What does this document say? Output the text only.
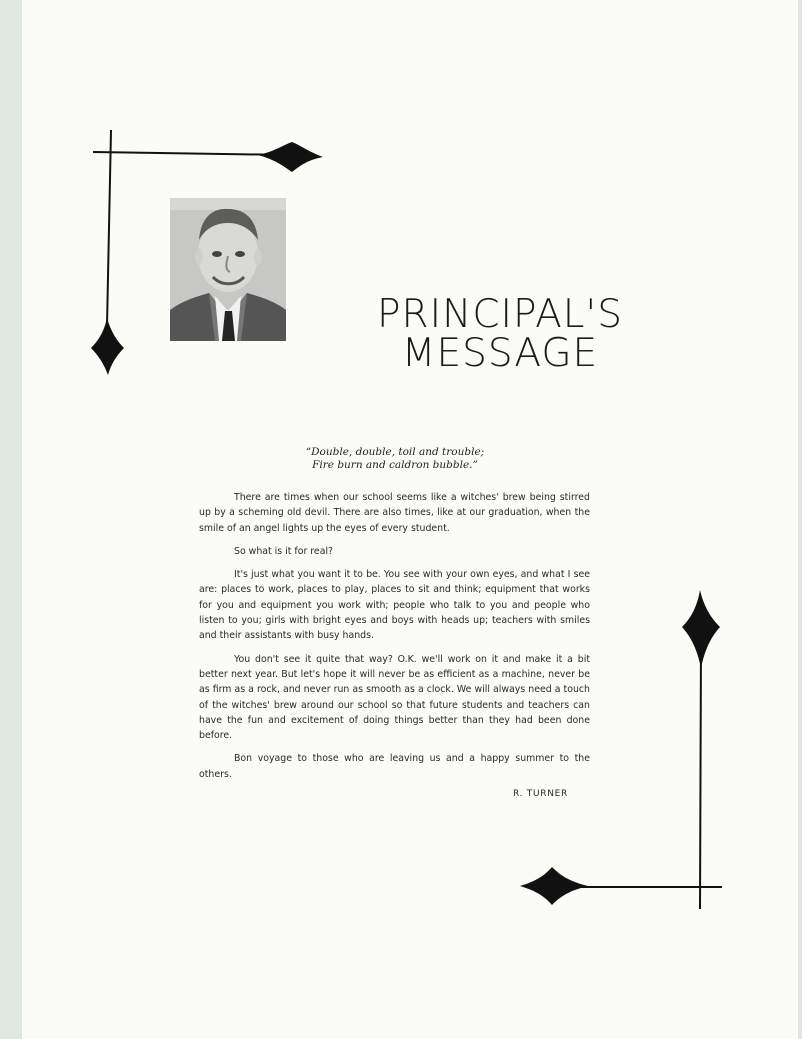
PRINCIPAL'S
MESSAGE
“Double, double, toil and trouble;
Fire burn and caldron bubble.”

There are times when our school seems like a witches' brew being stirred up by a scheming old devil. There are also times, like at our graduation, when the smile of an angel lights up the eyes of every student.

So what is it for real?

It's just what you want it to be. You see with your own eyes, and what I see are: places to work, places to play, places to sit and think; equipment that works for you and equipment you work with; people who talk to you and people who listen to you; girls with bright eyes and boys with heads up; teachers with smiles and their assistants with busy hands.

You don't see it quite that way? O.K. we'll work on it and make it a bit better next year. But let's hope it will never be as efficient as a machine, never be as firm as a rock, and never run as smooth as a clock. We will always need a touch of the witches' brew around our school so that future students and teachers can have the fun and excitement of doing things better than they had been done before.

Bon voyage to those who are leaving us and a happy summer to the others.

R. TURNER
